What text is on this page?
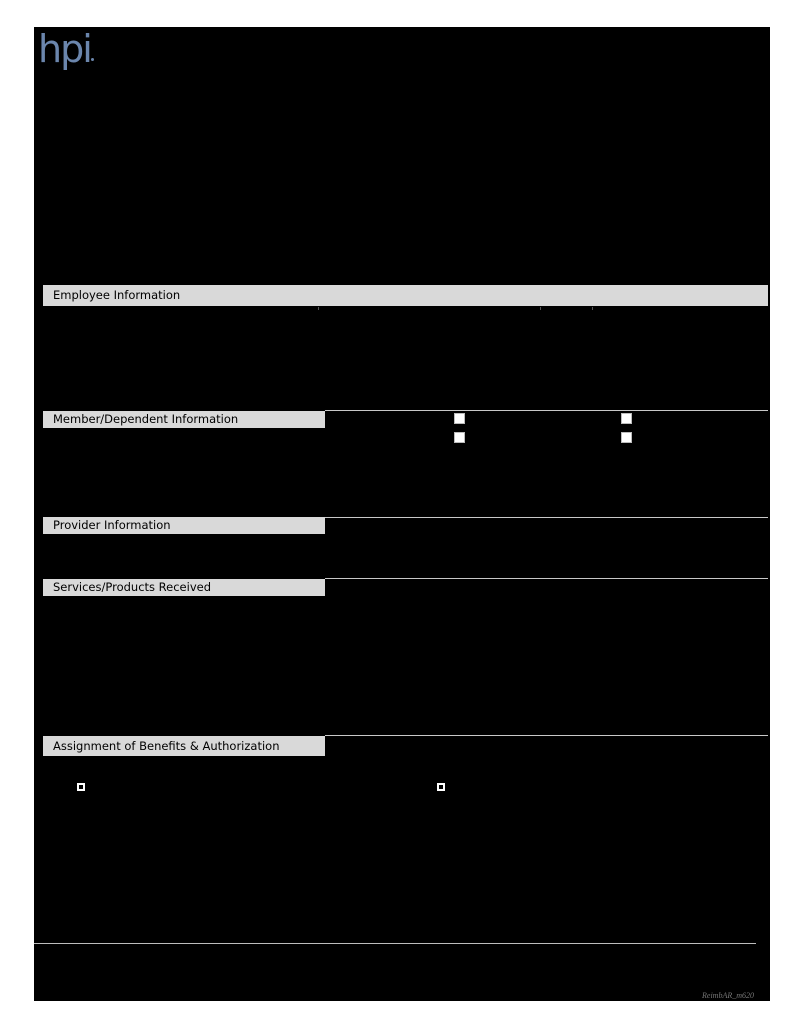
hpi
Employee Information
Member/Dependent Information
Provider Information
Services/Products Received
Assignment of Benefits & Authorization
ReimbAR_m620
